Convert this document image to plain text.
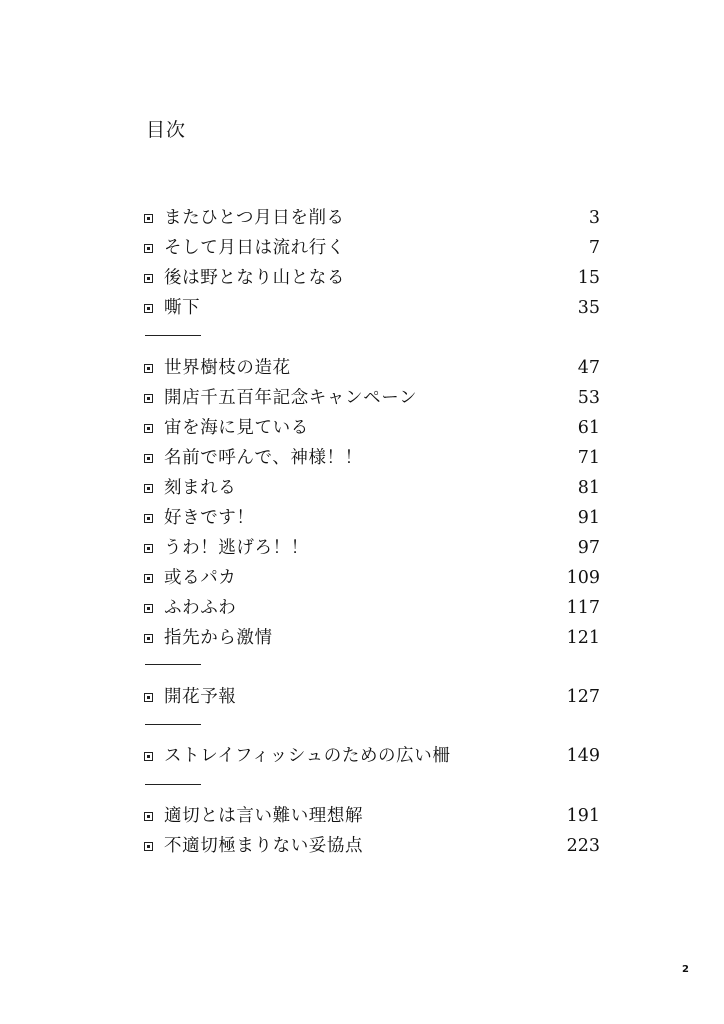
目次
またひとつ月日を削る	3
そして月日は流れ行く	7
後は野となり山となる	15
嘶下	35
世界樹枝の造花	47
開店千五百年記念キャンペーン	53
宙を海に見ている	61
名前で呼んで、神様！！	71
刻まれる	81
好きです！	91
うわ！逃げろ！！	97
或るパカ	109
ふわふわ	117
指先から激情	121
開花予報	127
ストレイフィッシュのための広い柵	149
適切とは言い難い理想解	191
不適切極まりない妥協点	223
2
